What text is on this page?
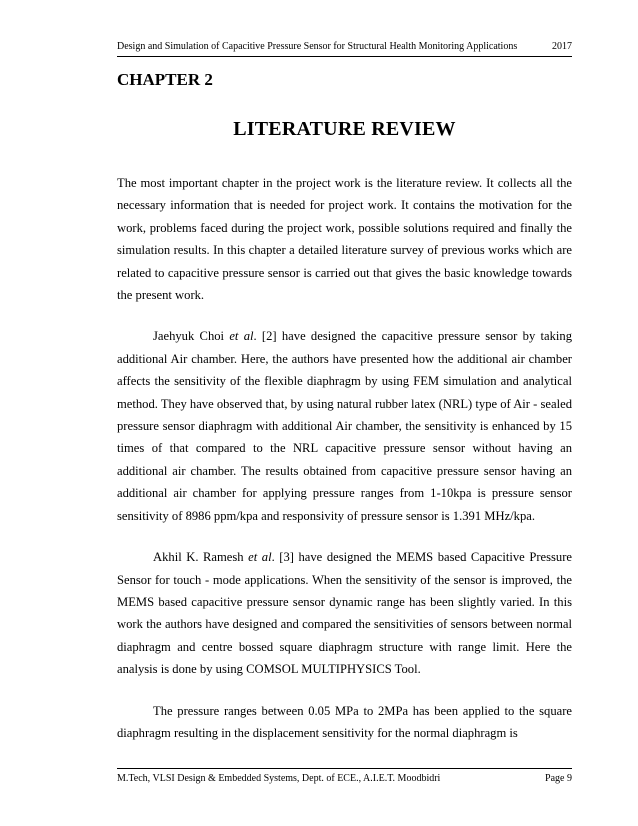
Design and Simulation of Capacitive Pressure Sensor for Structural Health Monitoring Applications	2017
CHAPTER 2
LITERATURE REVIEW

The most important chapter in the project work is the literature review. It collects all the necessary information that is needed for project work. It contains the motivation for the work, problems faced during the project work, possible solutions required and finally the simulation results. In this chapter a detailed literature survey of previous works which are related to capacitive pressure sensor is carried out that gives the basic knowledge towards the present work.

Jaehyuk Choi et al. [2] have designed the capacitive pressure sensor by taking additional Air chamber. Here, the authors have presented how the additional air chamber affects the sensitivity of the flexible diaphragm by using FEM simulation and analytical method. They have observed that, by using natural rubber latex (NRL) type of Air - sealed pressure sensor diaphragm with additional Air chamber, the sensitivity is enhanced by 15 times of that compared to the NRL capacitive pressure sensor without having an additional air chamber. The results obtained from capacitive pressure sensor having an additional air chamber for applying pressure ranges from 1-10kpa is pressure sensor sensitivity of 8986 ppm/kpa and responsivity of pressure sensor is 1.391 MHz/kpa.

Akhil K. Ramesh et al. [3] have designed the MEMS based Capacitive Pressure Sensor for touch - mode applications. When the sensitivity of the sensor is improved, the MEMS based capacitive pressure sensor dynamic range has been slightly varied. In this work the authors have designed and compared the sensitivities of sensors between normal diaphragm and centre bossed square diaphragm structure with range limit. Here the analysis is done by using COMSOL MULTIPHYSICS Tool.

The pressure ranges between 0.05 MPa to 2MPa has been applied to the square diaphragm resulting in the displacement sensitivity for the normal diaphragm is

M.Tech, VLSI Design & Embedded Systems, Dept. of ECE., A.I.E.T. Moodbidri	Page 9
